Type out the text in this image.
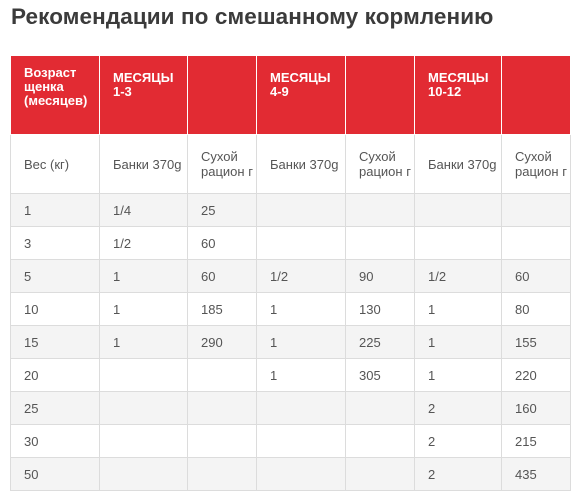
Рекомендации по смешанному кормлению
Возраст щенка (месяцев)	МЕСЯЦЫ 1-3		МЕСЯЦЫ 4-9		МЕСЯЦЫ 10-12	
Вес (кг)	Банки 370g	Сухой рацион г	Банки 370g	Сухой рацион г	Банки 370g	Сухой рацион г
1	1/4	25				
3	1/2	60				
5	1	60	1/2	90	1/2	60
10	1	185	1	130	1	80
15	1	290	1	225	1	155
20			1	305	1	220
25					2	160
30					2	215
50					2	435
